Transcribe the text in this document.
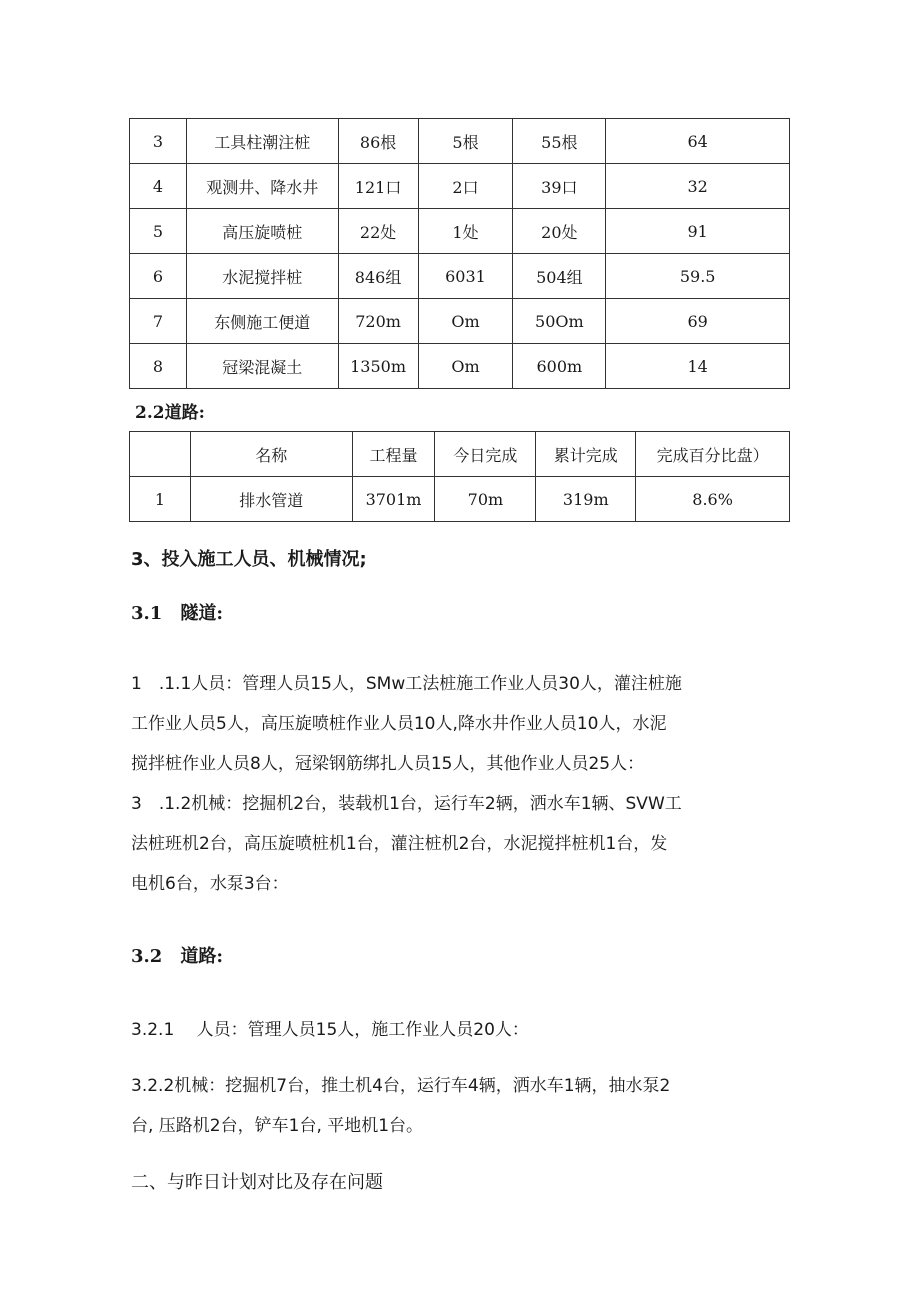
3	工具柱潮注桩	86根	5根	55根	64
4	观测井、降水井	121口	2口	39口	32
5	高压旋喷桩	22处	1处	20处	91
6	水泥搅拌桩	846组	6031	504组	59.5
7	东侧施工便道	720m	Om	50Om	69
8	冠梁混凝土	1350m	Om	600m	14
2.2道路:
	名称	工程量	今日完成	累计完成	完成百分比盘）
1	排水管道	3701m	70m	319m	8.6%
3、投入施工人员、机械情况;
3.1　隧道:
1　.1.1人员：管理人员15人，SMw工法桩施工作业人员30人，灌注桩施
工作业人员5人，高压旋喷桩作业人员10人,降水井作业人员10人，水泥
搅拌桩作业人员8人，冠梁钢筋绑扎人员15人，其他作业人员25人：
3　.1.2机械：挖掘机2台，装载机1台，运行车2辆，洒水车1辆、SVW工
法桩班机2台，高压旋喷桩机1台，灌注桩机2台，水泥搅拌桩机1台，发
电机6台，水泵3台：
3.2　道路:
3.2.1　 人员：管理人员15人，施工作业人员20人：
3.2.2机械：挖掘机7台，推土机4台，运行车4辆，洒水车1辆，抽水泵2
台, 压路机2台，铲车1台, 平地机1台。
二、与昨日计划对比及存在问题
